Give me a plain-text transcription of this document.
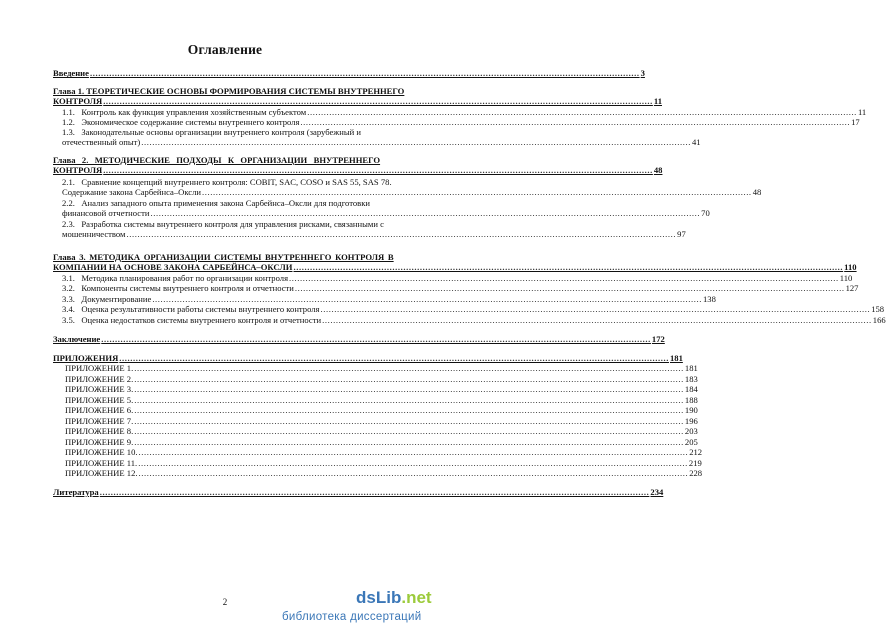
Оглавление
Введение ........................................................................................................................................................................................................ 3
Глава 1. ТЕОРЕТИЧЕСКИЕ ОСНОВЫ ФОРМИРОВАНИЯ СИСТЕМЫ ВНУТРЕННЕГО
КОНТРОЛЯ ........................................................................................................................................................................................................ 11
1.1. Контроль как функция управления хозяйственным субъектом ........................................................................................................................................................................................................ 11
1.2. Экономическое содержание системы внутреннего контроля ........................................................................................................................................................................................................ 17
1.3. Законодательные основы организации внутреннего контроля (зарубежный и
отечественный опыт) ........................................................................................................................................................................................................ 41
Глава 2. МЕТОДИЧЕСКИЕ ПОДХОДЫ К ОРГАНИЗАЦИИ ВНУТРЕННЕГО
КОНТРОЛЯ ........................................................................................................................................................................................................ 48
2.1. Сравнение концепций внутреннего контроля: COBIT, SAC, COSO и SAS 55, SAS 78.
Содержание закона Сарбейнса–Оксли ........................................................................................................................................................................................................ 48
2.2. Анализ западного опыта применения закона Сарбейнса–Оксли для подготовки
финансовой отчетности ........................................................................................................................................................................................................ 70
2.3. Разработка системы внутреннего контроля для управления рисками, связанными с
мошенничеством ........................................................................................................................................................................................................ 97
Глава 3. МЕТОДИКА ОРГАНИЗАЦИИ СИСТЕМЫ ВНУТРЕННЕГО КОНТРОЛЯ В
КОМПАНИИ НА ОСНОВЕ ЗАКОНА САРБЕЙНСА–ОКСЛИ ........................................................................................................................................................................................................ 110
3.1. Методика планирования работ по организации контроля ........................................................................................................................................................................................................ 110
3.2. Компоненты системы внутреннего контроля и отчетности ........................................................................................................................................................................................................ 127
3.3. Документирование ........................................................................................................................................................................................................ 138
3.4. Оценка результативности работы системы внутреннего контроля ........................................................................................................................................................................................................ 158
3.5. Оценка недостатков системы внутреннего контроля и отчетности ........................................................................................................................................................................................................ 166
Заключение ........................................................................................................................................................................................................ 172
ПРИЛОЖЕНИЯ ........................................................................................................................................................................................................ 181
ПРИЛОЖЕНИЕ 1. ........................................................................................................................................................................................................ 181
ПРИЛОЖЕНИЕ 2. ........................................................................................................................................................................................................ 183
ПРИЛОЖЕНИЕ 3. ........................................................................................................................................................................................................ 184
ПРИЛОЖЕНИЕ 5. ........................................................................................................................................................................................................ 188
ПРИЛОЖЕНИЕ 6. ........................................................................................................................................................................................................ 190
ПРИЛОЖЕНИЕ 7. ........................................................................................................................................................................................................ 196
ПРИЛОЖЕНИЕ 8. ........................................................................................................................................................................................................ 203
ПРИЛОЖЕНИЕ 9. ........................................................................................................................................................................................................ 205
ПРИЛОЖЕНИЕ 10. ........................................................................................................................................................................................................ 212
ПРИЛОЖЕНИЕ 11. ........................................................................................................................................................................................................ 219
ПРИЛОЖЕНИЕ 12. ........................................................................................................................................................................................................ 228
Литература ........................................................................................................................................................................................................ 234
2	dsLib.net
библиотека диссертаций
